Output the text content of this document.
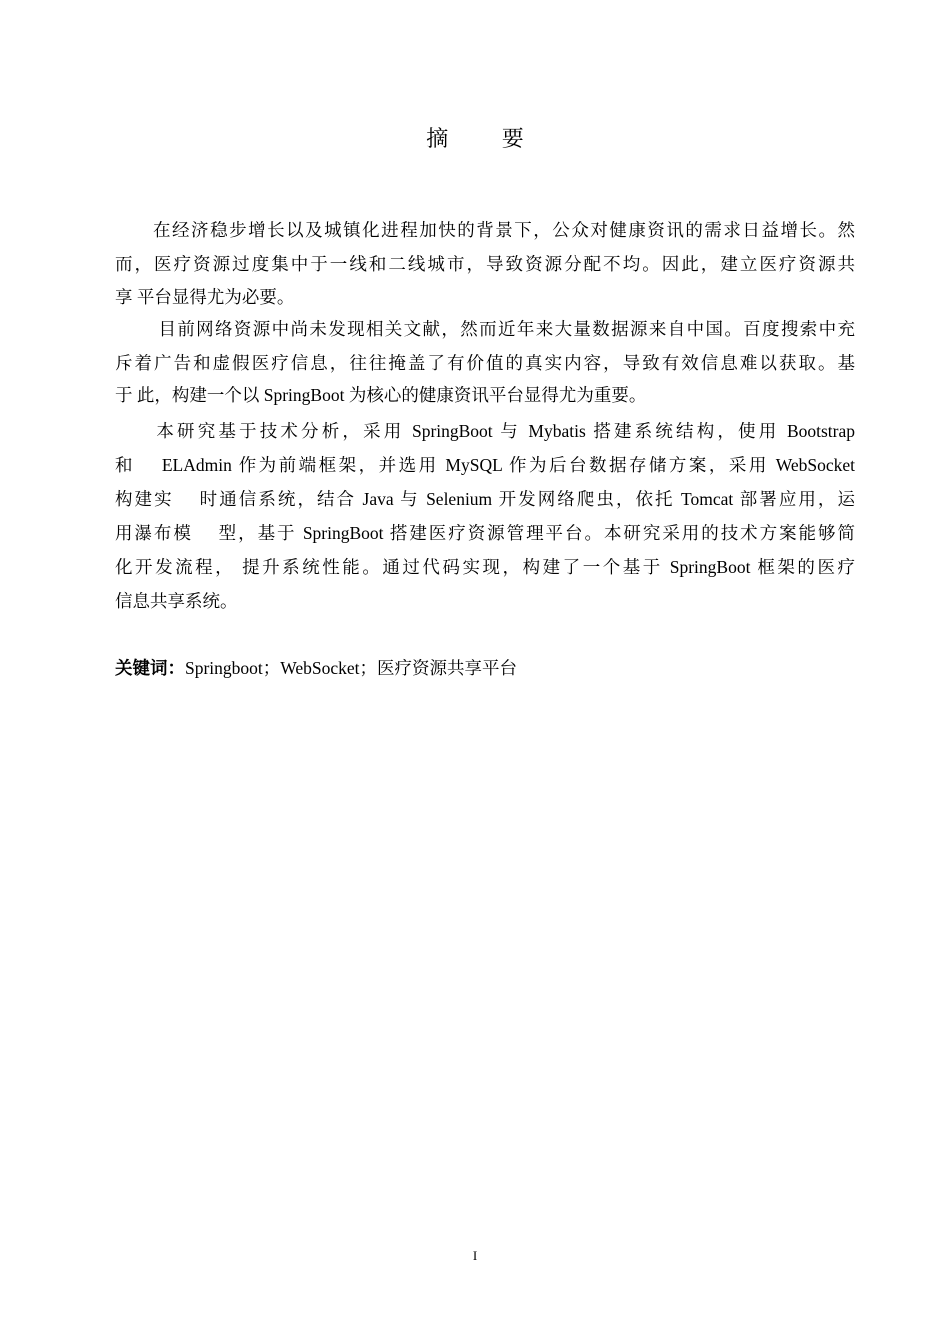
摘 要
　　在经济稳步增长以及城镇化进程加快的背景下，公众对健康资讯的需求日益增长。然
而，医疗资源过度集中于一线和二线城市，导致资源分配不均。因此，建立医疗资源共
享 平台显得尤为必要。
　　 目前网络资源中尚未发现相关文献，然而近年来大量数据源来自中国。百度搜索中充
斥着广告和虚假医疗信息，往往掩盖了有价值的真实内容，导致有效信息难以获取。基
于 此，构建一个以 SpringBoot 为核心的健康资讯平台显得尤为重要。
　　本研究基于技术分析，采用 SpringBoot 与 Mybatis 搭建系统结构，使用 Bootstrap
和 　ELAdmin 作为前端框架，并选用 MySQL 作为后台数据存储方案，采用 WebSocket
构建实 　时通信系统，结合 Java 与 Selenium 开发网络爬虫，依托 Tomcat 部署应用，运
用瀑布模 　型，基于 SpringBoot 搭建医疗资源管理平台。本研究采用的技术方案能够简
化开发流程， 提升系统性能。通过代码实现，构建了一个基于 SpringBoot 框架的医疗
信息共享系统。
关键词：Springboot；WebSocket；医疗资源共享平台
I
